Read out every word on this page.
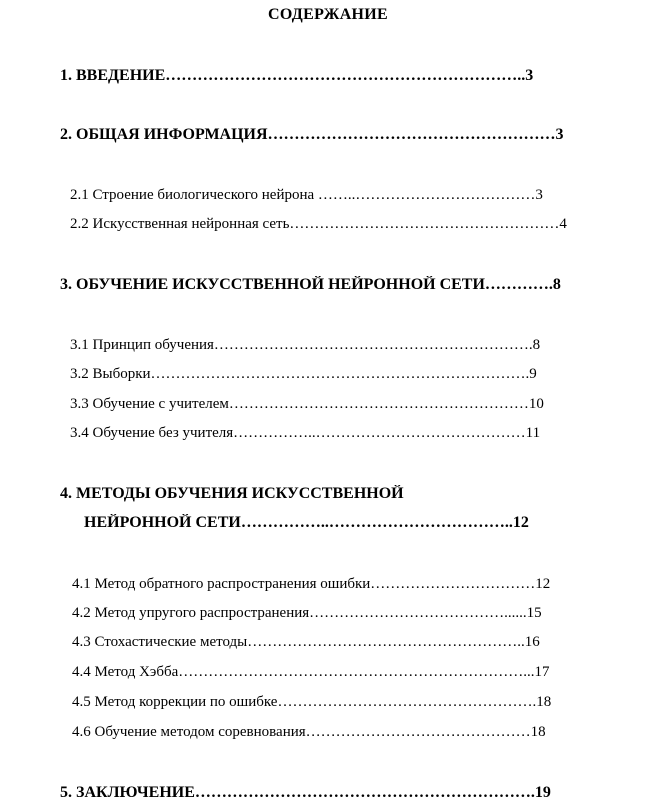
СОДЕРЖАНИЕ
1. ВВЕДЕНИЕ…………………………………………………………..3
2. ОБЩАЯ ИНФОРМАЦИЯ………………………………………………3
2.1 Строение биологического нейрона ……..………………………………3
2.2 Искусственная нейронная сеть………………………………………………4
3. ОБУЧЕНИЕ ИСКУССТВЕННОЙ НЕЙРОННОЙ СЕТИ………….8
3.1 Принцип обучения……………………………………………………….8
3.2 Выборки………………………………………………………………….9
3.3 Обучение с учителем……………………………………………………10
3.4 Обучение без учителя……………..……………………………………11
4. МЕТОДЫ ОБУЧЕНИЯ ИСКУССТВЕННОЙ
НЕЙРОННОЙ СЕТИ……………..……………………………..12
4.1 Метод обратного распространения ошибки……………………………12
4.2 Метод упругого распространения…………………………………......15
4.3 Стохастические методы………………………………………………..16
4.4 Метод Хэбба……………………………………………………………...17
4.5 Метод коррекции по ошибке…………………………………………….18
4.6 Обучение методом соревнования………………………………………18
5. ЗАКЛЮЧЕНИЕ……………………………………………………….19
